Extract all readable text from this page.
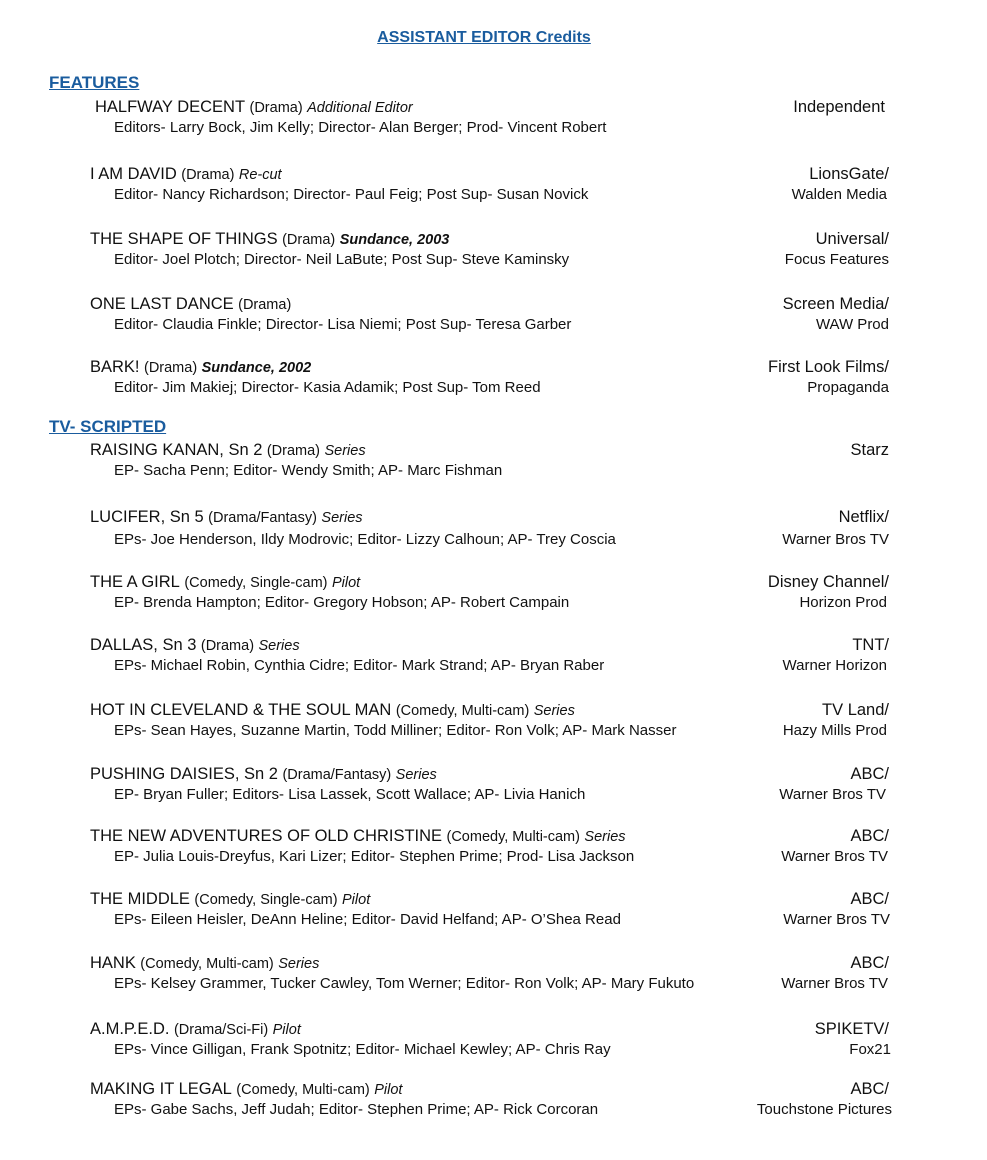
ASSISTANT EDITOR Credits
FEATURES
HALFWAY DECENT (Drama) Additional Editor
Editors- Larry Bock, Jim Kelly; Director- Alan Berger; Prod- Vincent Robert
Independent
I AM DAVID (Drama) Re-cut
Editor- Nancy Richardson; Director- Paul Feig; Post Sup- Susan Novick
LionsGate/
Walden Media
THE SHAPE OF THINGS (Drama) Sundance, 2003
Editor- Joel Plotch; Director- Neil LaBute; Post Sup- Steve Kaminsky
Universal/
Focus Features
ONE LAST DANCE (Drama)
Editor- Claudia Finkle; Director- Lisa Niemi; Post Sup- Teresa Garber
Screen Media/
WAW Prod
BARK! (Drama) Sundance, 2002
Editor- Jim Makiej; Director- Kasia Adamik; Post Sup- Tom Reed
First Look Films/
Propaganda
TV- SCRIPTED
RAISING KANAN, Sn 2 (Drama) Series
EP- Sacha Penn; Editor- Wendy Smith; AP- Marc Fishman
Starz
LUCIFER, Sn 5 (Drama/Fantasy) Series
EPs- Joe Henderson, Ildy Modrovic; Editor- Lizzy Calhoun; AP- Trey Coscia
Netflix/
Warner Bros TV
THE A GIRL (Comedy, Single-cam) Pilot
EP- Brenda Hampton; Editor- Gregory Hobson; AP- Robert Campain
Disney Channel/
Horizon Prod
DALLAS, Sn 3 (Drama) Series
EPs- Michael Robin, Cynthia Cidre; Editor- Mark Strand; AP- Bryan Raber
TNT/
Warner Horizon
HOT IN CLEVELAND & THE SOUL MAN (Comedy, Multi-cam) Series
EPs- Sean Hayes, Suzanne Martin, Todd Milliner; Editor- Ron Volk; AP- Mark Nasser
TV Land/
Hazy Mills Prod
PUSHING DAISIES, Sn 2 (Drama/Fantasy) Series
EP- Bryan Fuller; Editors- Lisa Lassek, Scott Wallace; AP- Livia Hanich
ABC/
Warner Bros TV
THE NEW ADVENTURES OF OLD CHRISTINE (Comedy, Multi-cam) Series
EP- Julia Louis-Dreyfus, Kari Lizer; Editor- Stephen Prime; Prod- Lisa Jackson
ABC/
Warner Bros TV
THE MIDDLE (Comedy, Single-cam) Pilot
EPs- Eileen Heisler, DeAnn Heline; Editor- David Helfand; AP- O’Shea Read
ABC/
Warner Bros TV
HANK (Comedy, Multi-cam) Series
EPs- Kelsey Grammer, Tucker Cawley, Tom Werner; Editor- Ron Volk; AP- Mary Fukuto
ABC/
Warner Bros TV
A.M.P.E.D. (Drama/Sci-Fi) Pilot
EPs- Vince Gilligan, Frank Spotnitz; Editor- Michael Kewley; AP- Chris Ray
SPIKETV/
Fox21
MAKING IT LEGAL (Comedy, Multi-cam) Pilot
EPs- Gabe Sachs, Jeff Judah; Editor- Stephen Prime; AP- Rick Corcoran
ABC/
Touchstone Pictures
